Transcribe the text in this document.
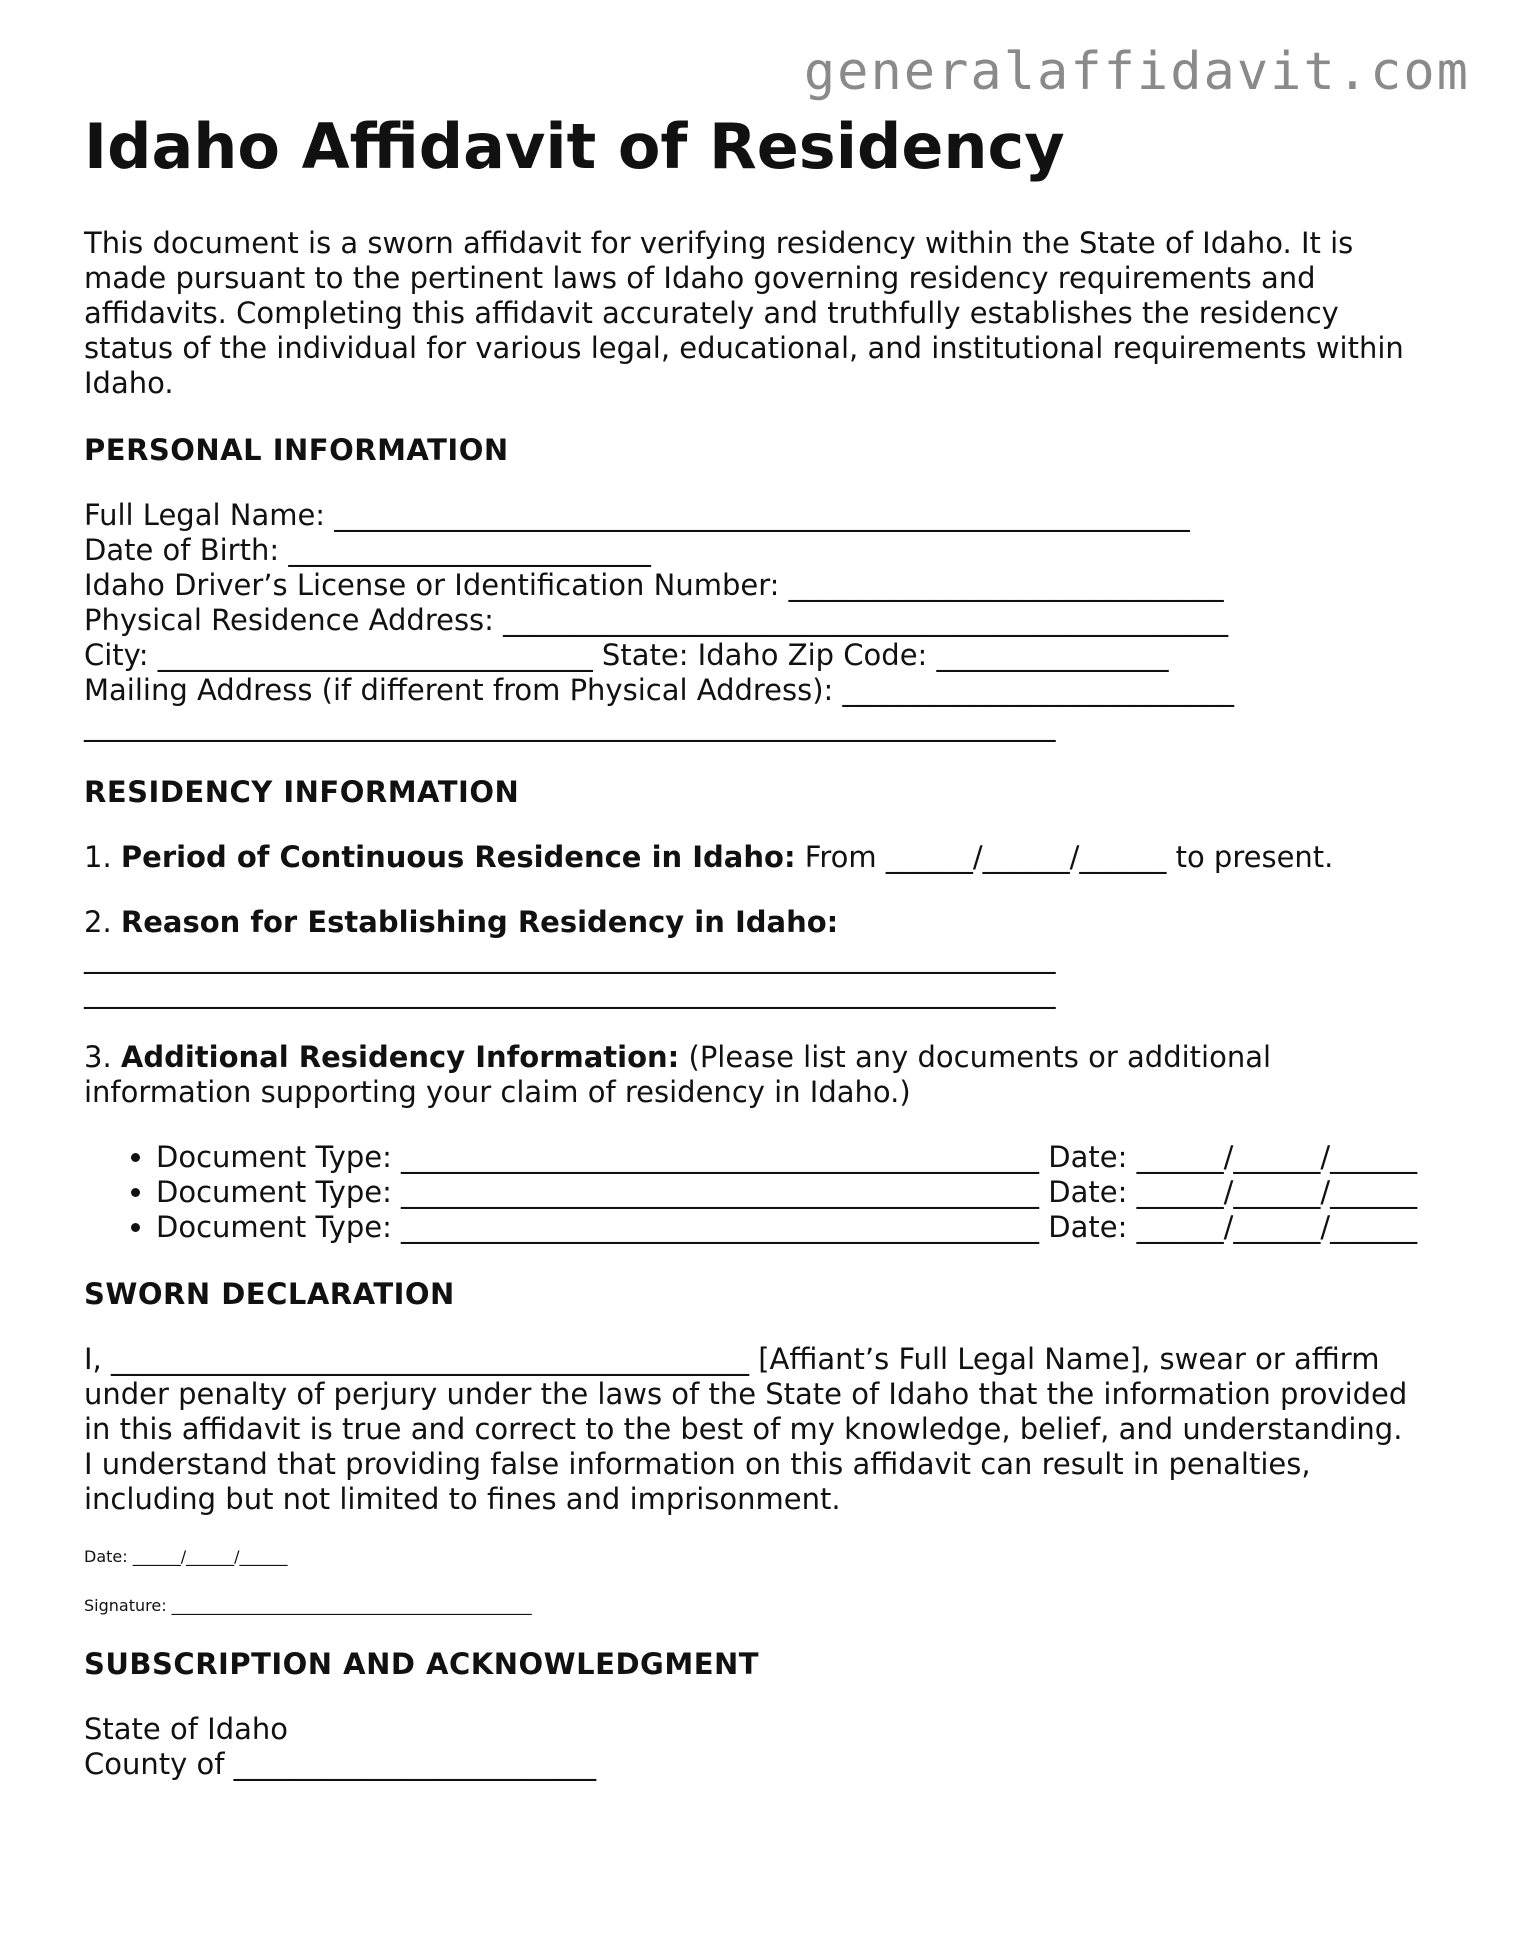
generalaffidavit.com
Idaho Affidavit of Residency

This document is a sworn affidavit for verifying residency within the State of Idaho. It is made pursuant to the pertinent laws of Idaho governing residency requirements and affidavits. Completing this affidavit accurately and truthfully establishes the residency status of the individual for various legal, educational, and institutional requirements within Idaho.

PERSONAL INFORMATION
Full Legal Name: ___________________________________________________________
Date of Birth: _________________________
Idaho Driver’s License or Identification Number: ______________________________
Physical Residence Address: __________________________________________________
City: ______________________________ State: Idaho Zip Code: ________________
Mailing Address (if different from Physical Address): ___________________________
___________________________________________________________________
RESIDENCY INFORMATION

1. Period of Continuous Residence in Idaho: From ______/______/______ to present.

2. Reason for Establishing Residency in Idaho:

___________________________________________________________________
___________________________________________________________________

3. Additional Residency Information: (Please list any documents or additional information supporting your claim of residency in Idaho.)

• Document Type: ____________________________________________ Date: ______/______/______
• Document Type: ____________________________________________ Date: ______/______/______
• Document Type: ____________________________________________ Date: ______/______/______
SWORN DECLARATION

I, ____________________________________________ [Affiant’s Full Legal Name], swear or affirm under penalty of perjury under the laws of the State of Idaho that the information provided in this affidavit is true and correct to the best of my knowledge, belief, and understanding. I understand that providing false information on this affidavit can result in penalties, including but not limited to fines and imprisonment.

Date: ______/______/______
Signature: _____________________________________________
SUBSCRIPTION AND ACKNOWLEDGMENT
State of Idaho
County of _________________________
